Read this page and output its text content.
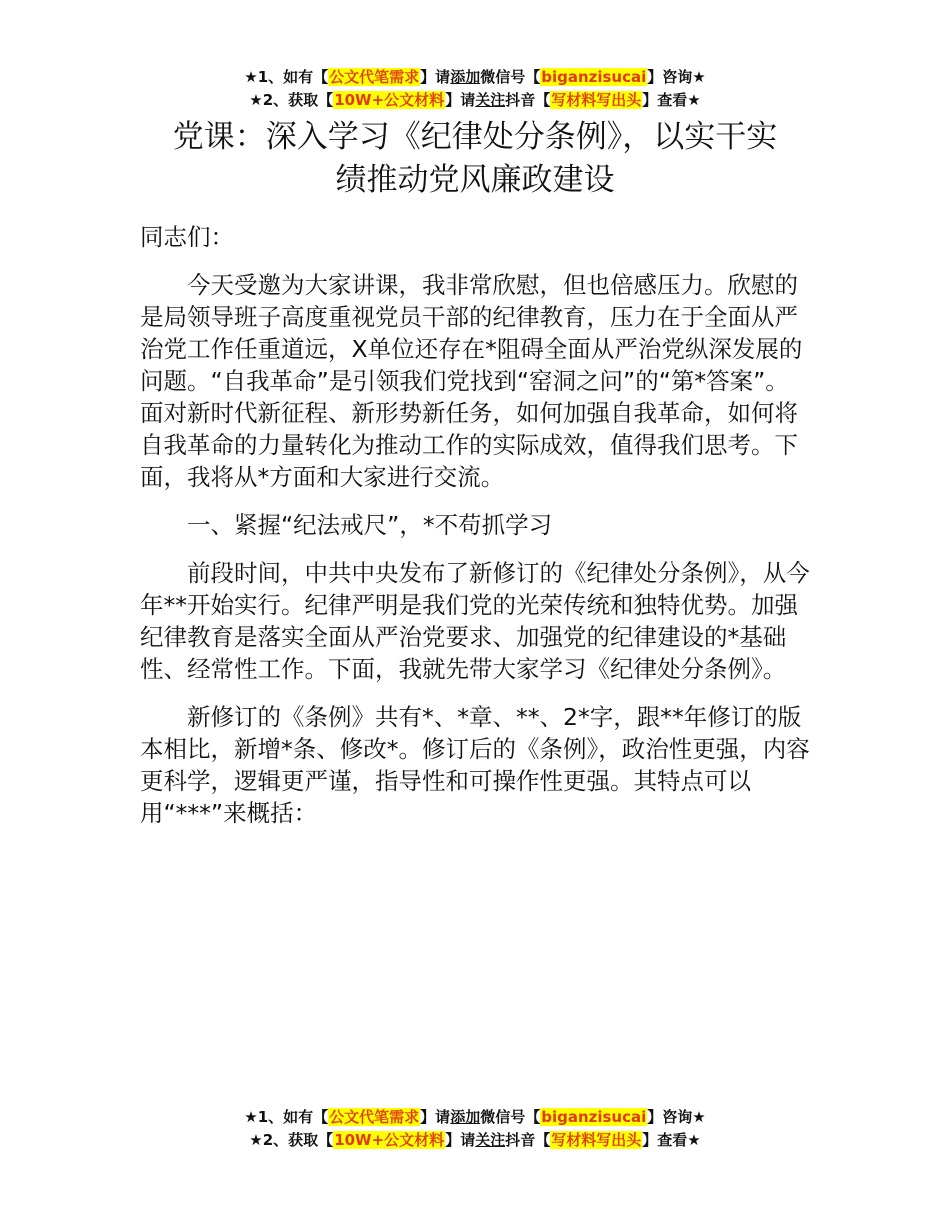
★1、如有【公文代笔需求】请添加微信号【biganzisucai】咨询★
★2、获取【10W+公文材料】请关注抖音【写材料写出头】查看★
党课：深入学习《纪律处分条例》，以实干实
绩推动党风廉政建设

同志们：

今天受邀为大家讲课，我非常欣慰，但也倍感压力。欣慰的是局领导班子高度重视党员干部的纪律教育，压力在于全面从严治党工作任重道远，X单位还存在*阻碍全面从严治党纵深发展的问题。“自我革命”是引领我们党找到“窑洞之问”的“第*答案”。面对新时代新征程、新形势新任务，如何加强自我革命，如何将自我革命的力量转化为推动工作的实际成效，值得我们思考。下面，我将从*方面和大家进行交流。

一、紧握“纪法戒尺”，*不苟抓学习

前段时间，中共中央发布了新修订的《纪律处分条例》，从今年**开始实行。纪律严明是我们党的光荣传统和独特优势。加强纪律教育是落实全面从严治党要求、加强党的纪律建设的*基础性、经常性工作。下面，我就先带大家学习《纪律处分条例》。

新修订的《条例》共有*、*章、**、2*字，跟**年修订的版本相比，新增*条、修改*。修订后的《条例》，政治性更强，内容更科学，逻辑更严谨，指导性和可操作性更强。其特点可以用“***”来概括：

★1、如有【公文代笔需求】请添加微信号【biganzisucai】咨询★
★2、获取【10W+公文材料】请关注抖音【写材料写出头】查看★
